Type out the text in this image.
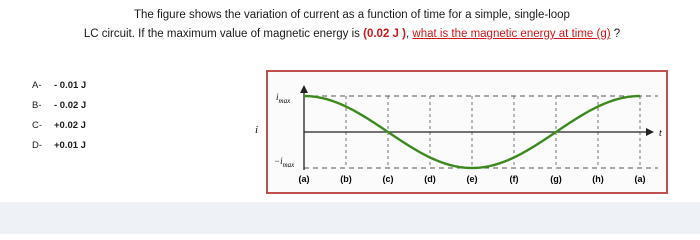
The figure shows the variation of current as a function of time for a simple, single-loop
LC circuit. If the maximum value of magnetic energy is (0.02 J ), what is the magnetic energy at time (g) ?
A-	- 0.01 J
B-	- 0.02 J
C-	+0.02 J
D-	+0.01 J
t
$i_{max}$
$-i_{max}$
(a)	(b)	(c)	(d)	(e)	(f)	(g)	(h)	(a)
i
